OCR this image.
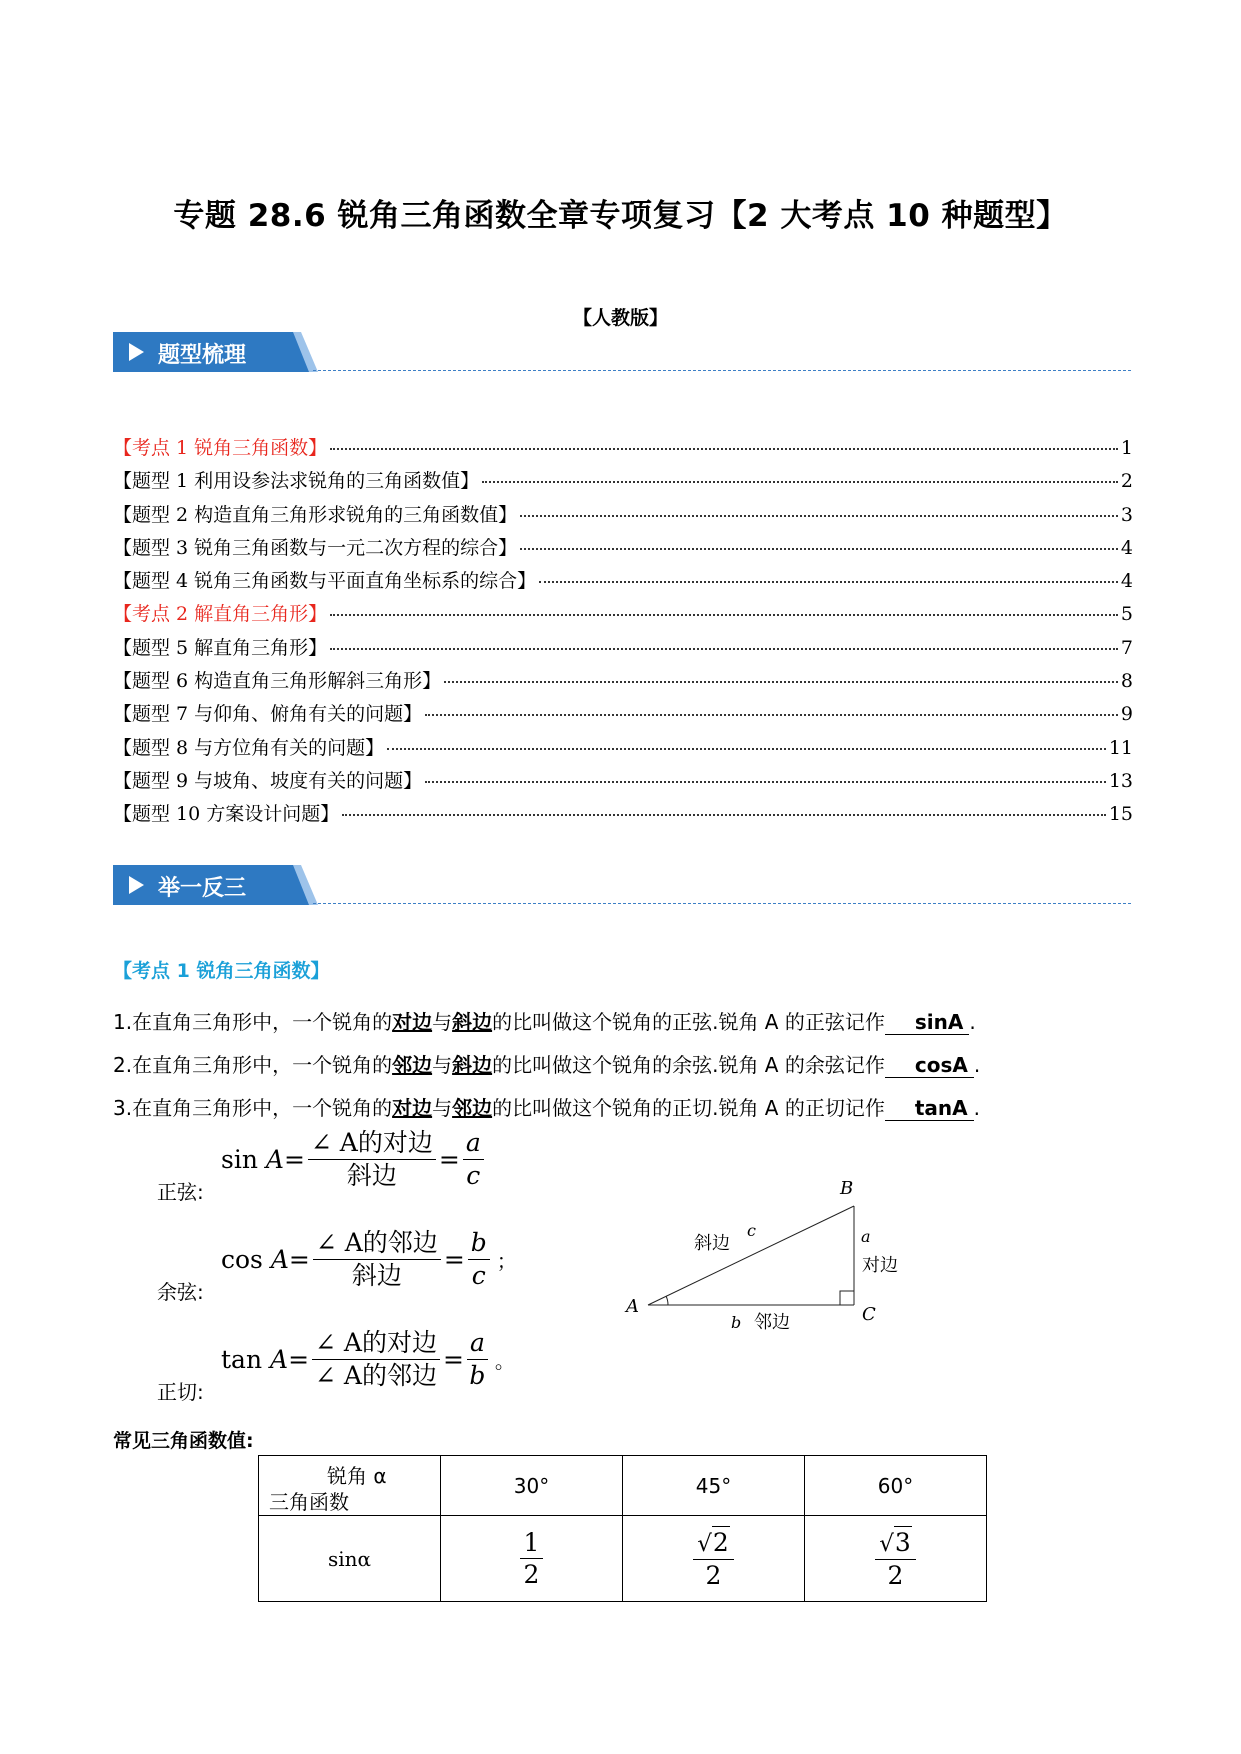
专题 28.6 锐角三角函数全章专项复习【2 大考点 10 种题型】
【人教版】
题型梳理
【考点 1 锐角三角函数】	1
【题型 1 利用设参法求锐角的三角函数值】	2
【题型 2 构造直角三角形求锐角的三角函数值】	3
【题型 3 锐角三角函数与一元二次方程的综合】	4
【题型 4 锐角三角函数与平面直角坐标系的综合】	4
【考点 2 解直角三角形】	5
【题型 5 解直角三角形】	7
【题型 6 构造直角三角形解斜三角形】	8
【题型 7 与仰角、俯角有关的问题】	9
【题型 8 与方位角有关的问题】	11
【题型 9 与坡角、坡度有关的问题】	13
【题型 10 方案设计问题】	15
举一反三
【考点 1 锐角三角函数】
1.在直角三角形中，一个锐角的对边与斜边的比叫做这个锐角的正弦.锐角 A 的正弦记作 sinA .
2.在直角三角形中，一个锐角的邻边与斜边的比叫做这个锐角的余弦.锐角 A 的余弦记作 cosA .
3.在直角三角形中，一个锐角的对边与邻边的比叫做这个锐角的正切.锐角 A 的正切记作 tanA .
正弦:
sin
$A = \frac{\text{∠ A的对边}}{\text{斜边}} = \frac{a}{c}$
余弦:
cos
$A = \frac{\text{∠ A的邻边}}{\text{斜边}} = \frac{b}{c}$ ；
正切:
tan
$A = \frac{\text{∠ A的对边}}{\text{∠ A的邻边}} = \frac{a}{b}$ 。
A
B
C
c	a
b
斜边
对边
邻边
常见三角函数值:
锐角 α
三角函数	30°	45°	60°
sinα	$\frac{1}{2}$	$\frac{√ 2}{2}$	$\frac{√ 3}{2}$
